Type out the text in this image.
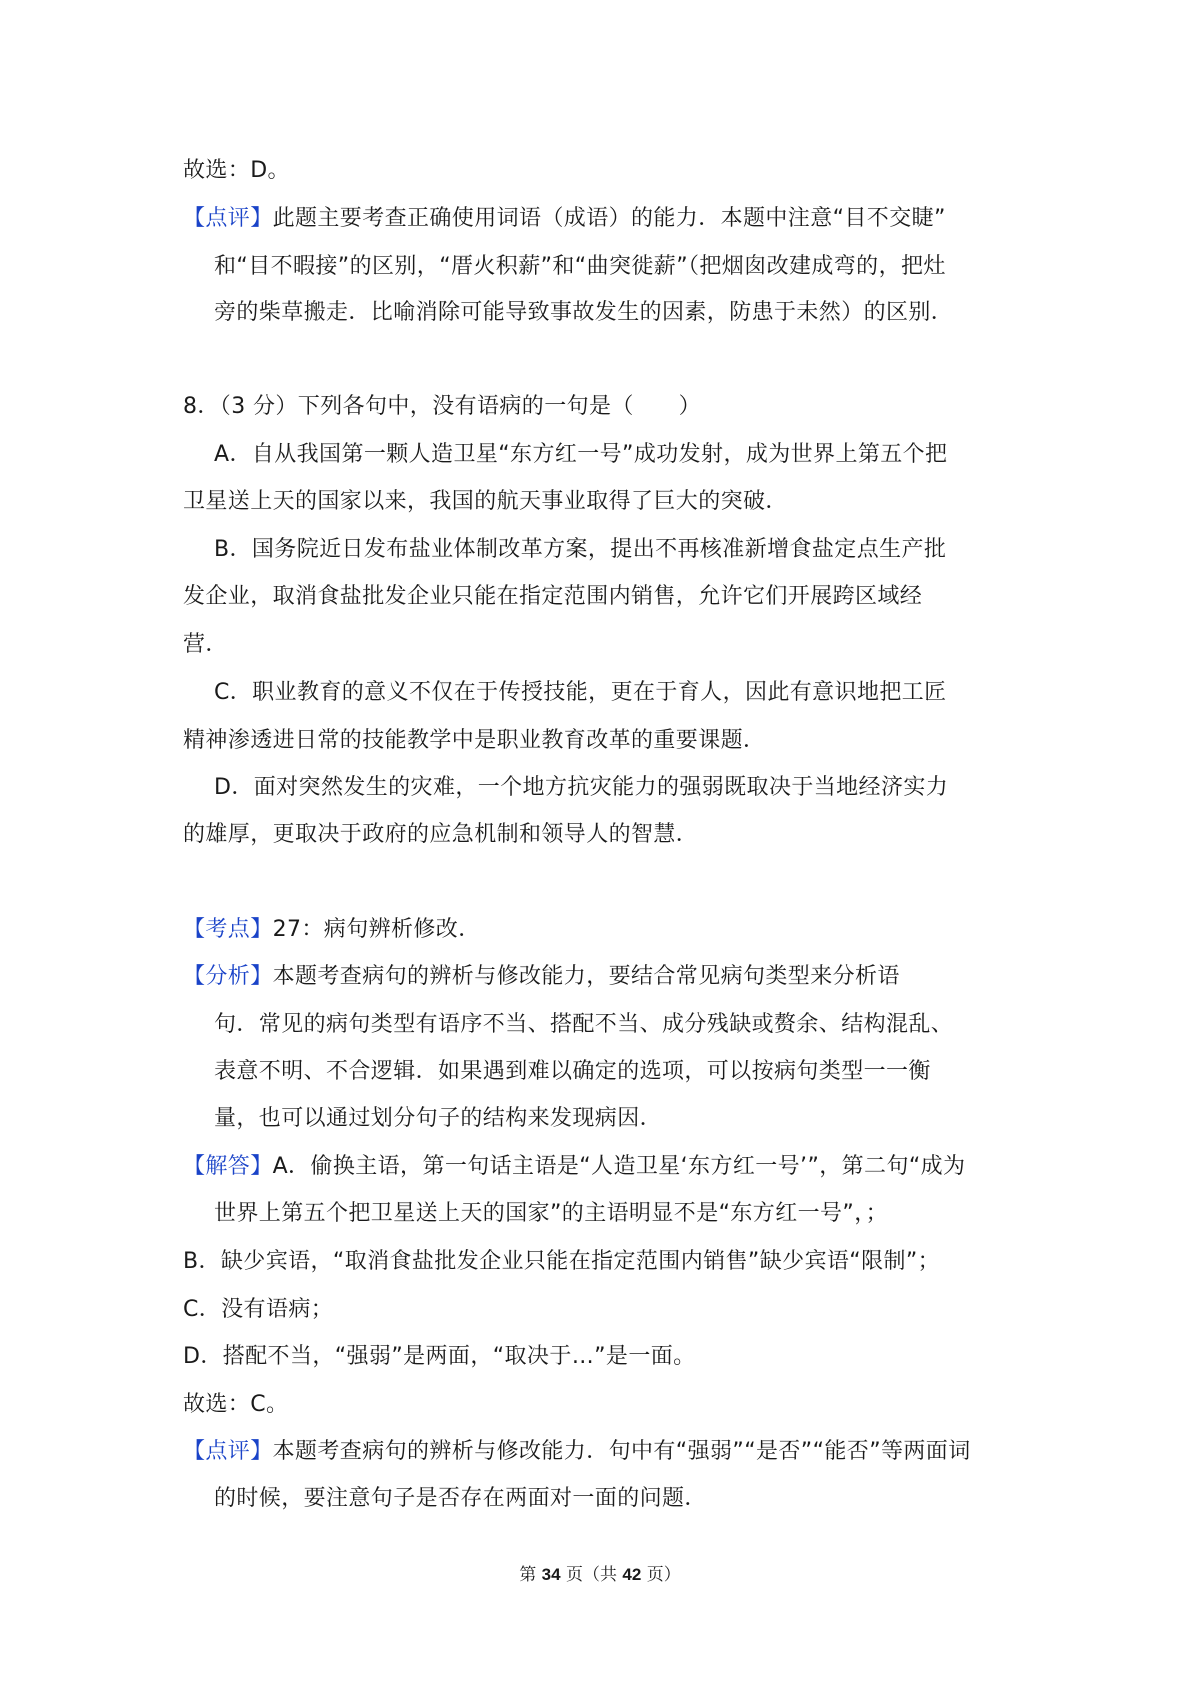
故选：D。
【点评】此题主要考查正确使用词语（成语）的能力．本题中注意“目不交睫”
和“目不暇接”的区别，“厝火积薪”和“曲突徙薪”（把烟囱改建成弯的，把灶
旁的柴草搬走．比喻消除可能导致事故发生的因素，防患于未然）的区别．
8．（3 分）下列各句中，没有语病的一句是（　　）
A．自从我国第一颗人造卫星“东方红一号”成功发射，成为世界上第五个把
卫星送上天的国家以来，我国的航天事业取得了巨大的突破．
B．国务院近日发布盐业体制改革方案，提出不再核准新增食盐定点生产批
发企业，取消食盐批发企业只能在指定范围内销售，允许它们开展跨区域经
营．
C．职业教育的意义不仅在于传授技能，更在于育人，因此有意识地把工匠
精神渗透进日常的技能教学中是职业教育改革的重要课题．
D．面对突然发生的灾难，一个地方抗灾能力的强弱既取决于当地经济实力
的雄厚，更取决于政府的应急机制和领导人的智慧．
【考点】27：病句辨析修改．
【分析】本题考查病句的辨析与修改能力，要结合常见病句类型来分析语
句．常见的病句类型有语序不当、搭配不当、成分残缺或赘余、结构混乱、
表意不明、不合逻辑．如果遇到难以确定的选项，可以按病句类型一一衡
量，也可以通过划分句子的结构来发现病因．
【解答】A．偷换主语，第一句话主语是“人造卫星‘东方红一号’”，第二句“成为
世界上第五个把卫星送上天的国家”的主语明显不是“东方红一号”，；
B．缺少宾语，“取消食盐批发企业只能在指定范围内销售”缺少宾语“限制”；
C．没有语病；
D．搭配不当，“强弱”是两面，“取决于…”是一面。
故选：C。
【点评】本题考查病句的辨析与修改能力．句中有“强弱”“是否”“能否”等两面词
的时候，要注意句子是否存在两面对一面的问题．
第 34 页（共 42 页）
